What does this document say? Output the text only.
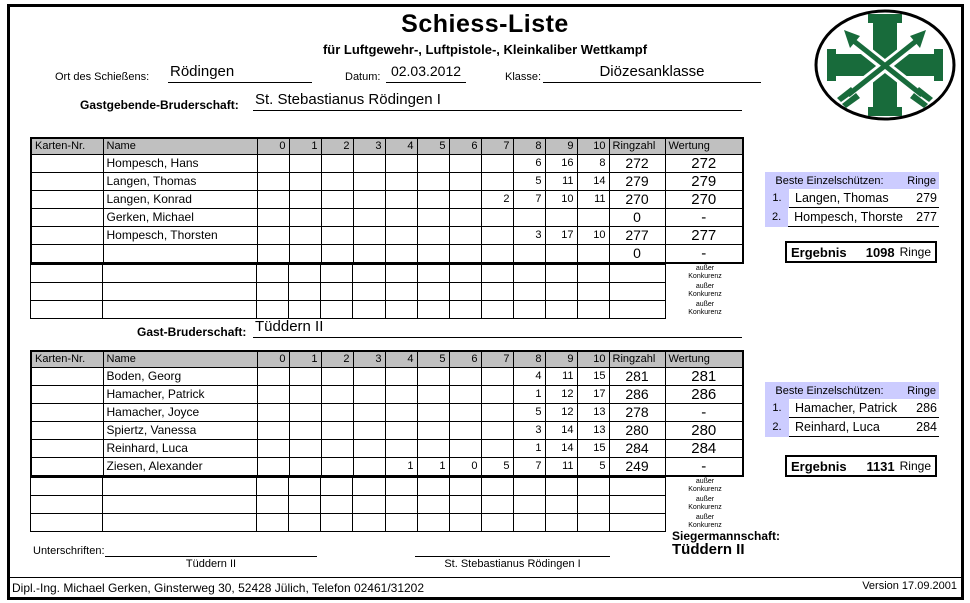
Schiess-Liste
für Luftgewehr-, Luftpistole-, Kleinkaliber Wettkampf
Ort des Schießens: Rödingen	Datum: 02.03.2012	Klasse:	Diözesanklasse
Gastgebende-Bruderschaft: St. Stebastianus Rödingen I
Karten-Nr.	Name	0	1	2	3	4	5	6	7	8	9	10	Ringzahl	Wertung
	Hompesch, Hans									6	16	8	272	272
	Langen, Thomas									5	11	14	279	279
	Langen, Konrad								2	7	10	11	270	270
	Gerken, Michael												0	-
	Hompesch, Thorsten									3	17	10	277	277
													0	-

außer
Konkurenz
außer
Konkurenz
außer
Konkurenz
Gast-Bruderschaft: Tüddern II
Karten-Nr.	Name	0	1	2	3	4	5	6	7	8	9	10	Ringzahl	Wertung
	Boden, Georg									4	11	15	281	281
	Hamacher, Patrick									1	12	17	286	286
	Hamacher, Joyce									5	12	13	278	-
	Spiertz, Vanessa									3	14	13	280	280
	Reinhard, Luca									1	14	15	284	284
	Ziesen, Alexander					1	1	0	5	7	11	5	249	-

außer
Konkurenz
außer
Konkurenz
außer
Konkurenz
Beste Einzelschützen:	Ringe
1.	Langen, Thomas	279
2.	Hompesch, Thorste	277
Ergebnis	1098 Ringe
Beste Einzelschützen:	Ringe
1.	Hamacher, Patrick	286
2.	Reinhard, Luca	284
Ergebnis	1131 Ringe
Siegermannschaft:
Tüddern II
Unterschriften:
Tüddern II	St. Stebastianus Rödingen I
Dipl.-Ing. Michael Gerken, Ginsterweg 30, 52428 Jülich, Telefon 02461/31202	Version 17.09.2001
